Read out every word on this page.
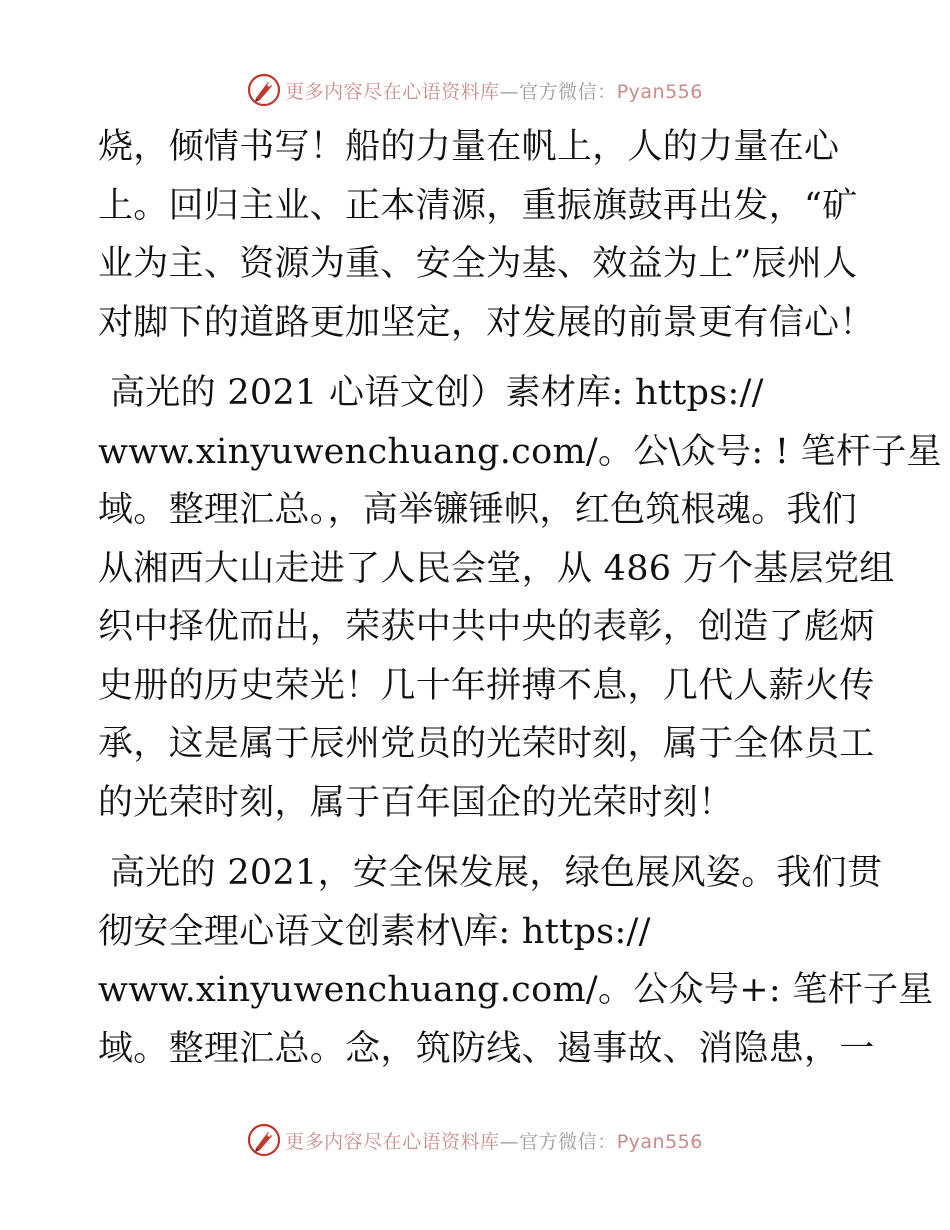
更多内容尽在心语资料库—官方微信：Pyan556
烧，倾情书写！船的力量在帆上，人的力量在心
上。回归主业、正本清源，重振旗鼓再出发，“矿
业为主、资源为重、安全为基、效益为上”辰州人
对脚下的道路更加坚定，对发展的前景更有信心！
高光的 2021 心语文创）素材库: https://
www.xinyuwenchuang.com/。公\众号: ! 笔杆子星
域。整理汇总。，高举镰锤帜，红色筑根魂。我们
从湘西大山走进了人民会堂，从 486 万个基层党组
织中择优而出，荣获中共中央的表彰，创造了彪炳
史册的历史荣光！几十年拼搏不息，几代人薪火传
承，这是属于辰州党员的光荣时刻，属于全体员工
的光荣时刻，属于百年国企的光荣时刻！
高光的 2021，安全保发展，绿色展风姿。我们贯
彻安全理心语文创素材\库: https://
www.xinyuwenchuang.com/。公众号+: 笔杆子星
域。整理汇总。念，筑防线、遏事故、消隐患，一
更多内容尽在心语资料库—官方微信：Pyan556
